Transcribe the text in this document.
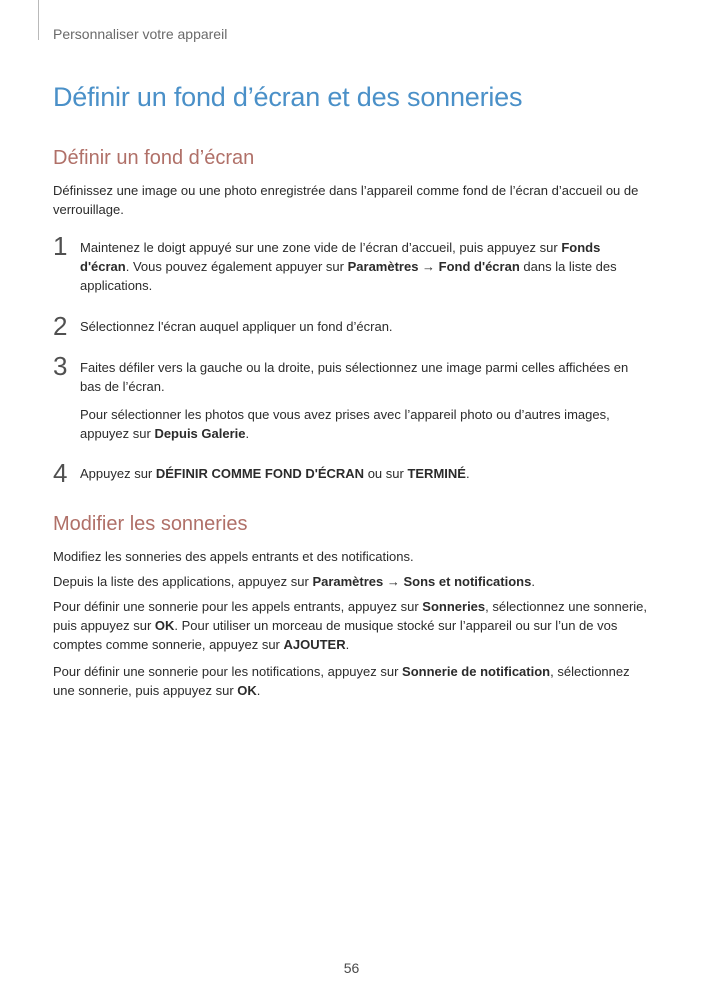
Personnaliser votre appareil
Définir un fond d’écran et des sonneries
Définir un fond d’écran

Définissez une image ou une photo enregistrée dans l’appareil comme fond de l’écran d’accueil ou de verrouillage.

1 Maintenez le doigt appuyé sur une zone vide de l’écran d’accueil, puis appuyez sur Fonds d'écran. Vous pouvez également appuyer sur Paramètres → Fond d'écran dans la liste des applications.

2 Sélectionnez l'écran auquel appliquer un fond d’écran.

3 Faites défiler vers la gauche ou la droite, puis sélectionnez une image parmi celles affichées en bas de l’écran.

Pour sélectionner les photos que vous avez prises avec l’appareil photo ou d’autres images, appuyez sur Depuis Galerie.

4 Appuyez sur DÉFINIR COMME FOND D'ÉCRAN ou sur TERMINÉ.

Modifier les sonneries

Modifiez les sonneries des appels entrants et des notifications.

Depuis la liste des applications, appuyez sur Paramètres → Sons et notifications.

Pour définir une sonnerie pour les appels entrants, appuyez sur Sonneries, sélectionnez une sonnerie, puis appuyez sur OK. Pour utiliser un morceau de musique stocké sur l’appareil ou sur l’un de vos comptes comme sonnerie, appuyez sur AJOUTER.

Pour définir une sonnerie pour les notifications, appuyez sur Sonnerie de notification, sélectionnez une sonnerie, puis appuyez sur OK.

56
